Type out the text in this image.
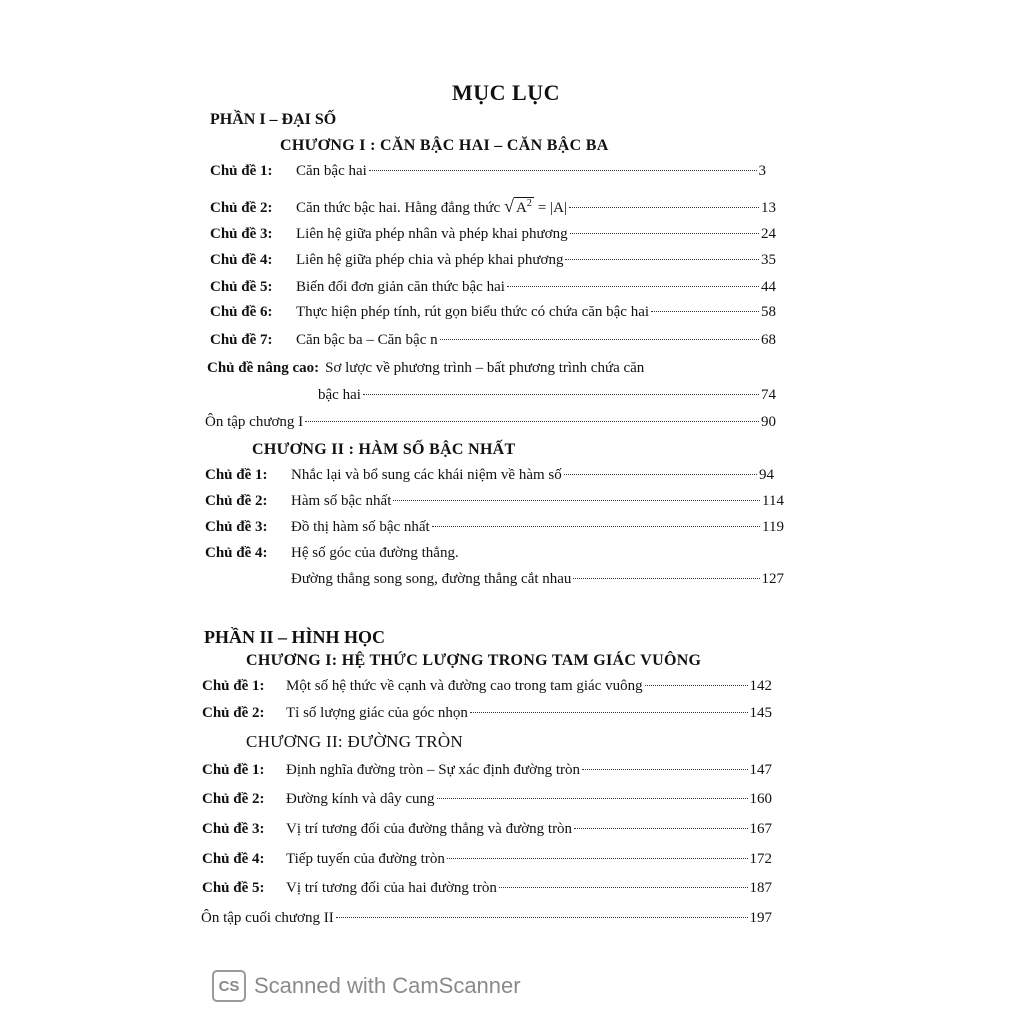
MỤC LỤC
PHẦN I – ĐẠI SỐ
CHƯƠNG I : CĂN BẬC HAI – CĂN BẬC BA
Chủ đề 1:	Căn bậc hai	3
Chủ đề 2:	Căn thức bậc hai. Hằng đẳng thức √ $A^2 = |A|$	13
Chủ đề 3:	Liên hệ giữa phép nhân và phép khai phương	24
Chủ đề 4:	Liên hệ giữa phép chia và phép khai phương	35
Chủ đề 5:	Biến đổi đơn giản căn thức bậc hai	44
Chủ đề 6:	Thực hiện phép tính, rút gọn biểu thức có chứa căn bậc hai	58
Chủ đề 7:	Căn bậc ba – Căn bậc n	68
Chủ đề nâng cao: Sơ lược về phương trình – bất phương trình chứa căn
bậc hai	74
Ôn tập chương I	90
CHƯƠNG II : HÀM SỐ BẬC NHẤT
Chủ đề 1:	Nhắc lại và bổ sung các khái niệm về hàm số	94
Chủ đề 2:	Hàm số bậc nhất	114
Chủ đề 3:	Đồ thị hàm số bậc nhất	119
Chủ đề 4:	Hệ số góc của đường thẳng.
Đường thẳng song song, đường thẳng cắt nhau	127
PHẦN II – HÌNH HỌC
CHƯƠNG I: HỆ THỨC LƯỢNG TRONG TAM GIÁC VUÔNG
Chủ đề 1:	Một số hệ thức về cạnh và đường cao trong tam giác vuông	142
Chủ đề 2:	Tỉ số lượng giác của góc nhọn	145
CHƯƠNG II: ĐƯỜNG TRÒN
Chủ đề 1:	Định nghĩa đường tròn – Sự xác định đường tròn	147
Chủ đề 2:	Đường kính và dây cung	160
Chủ đề 3:	Vị trí tương đối của đường thẳng và đường tròn	167
Chủ đề 4:	Tiếp tuyến của đường tròn	172
Chủ đề 5:	Vị trí tương đối của hai đường tròn	187
Ôn tập cuối chương II	197
CS Scanned with CamScanner
